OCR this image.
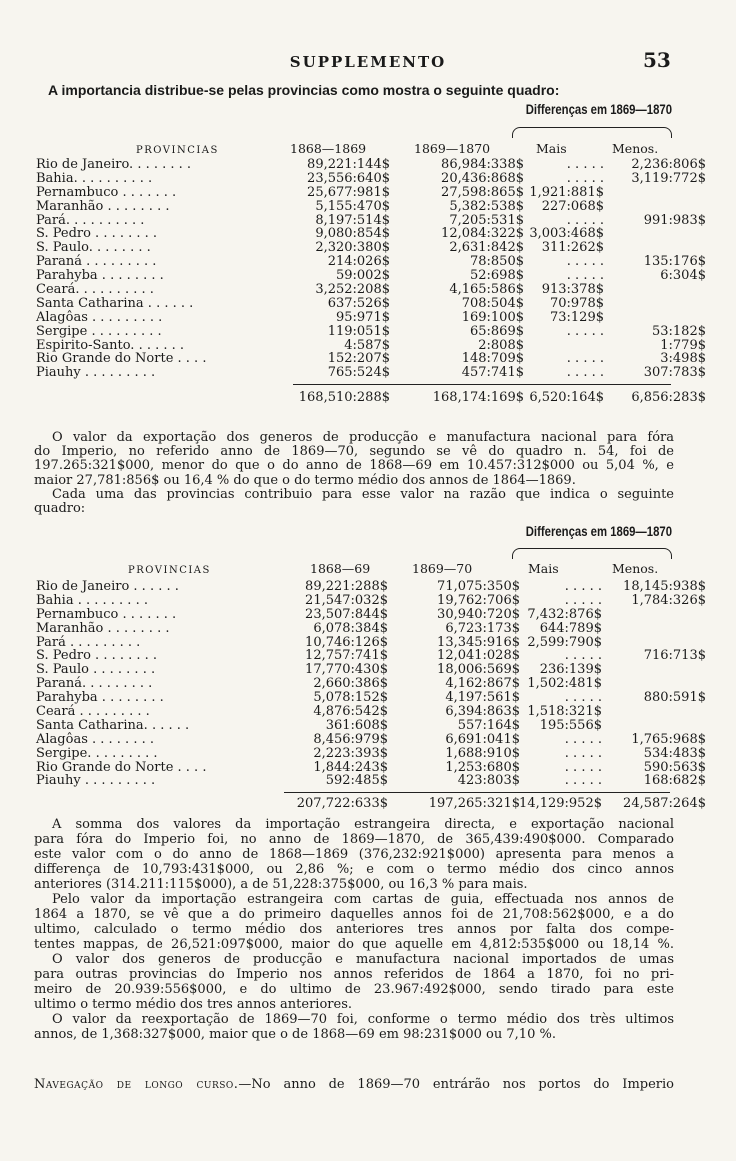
SUPPLEMENTO	53
A importancia distribue-se pelas provincias como mostra o seguinte quadro:
Differenças em 1869—1870
PROVINCIAS	1868—1869	1869—1870	Mais	Menos.
Rio de Janeiro. . . . . . . .	89,221:144$	86,984:338$	. . . . .	2,236:806$
Bahia. . . . . . . . . .	23,556:640$	20,436:868$	. . . . .	3,119:772$
Pernambuco . . . . . . .	25,677:981$	27,598:865$ 1,921:881$
Maranhão . . . . . . . .	5,155:470$	5,382:538$	227:068$
Pará. . . . . . . . . .	8,197:514$	7,205:531$	. . . . .	991:983$
S. Pedro . . . . . . . .	9,080:854$	12,084:322$ 3,003:468$
S. Paulo. . . . . . . .	2,320:380$	2,631:842$	311:262$
Paraná . . . . . . . . .	214:026$	78:850$	. . . . .	135:176$
Parahyba . . . . . . . .	59:002$	52:698$	. . . . .	6:304$
Ceará. . . . . . . . . .	3,252:208$	4,165:586$	913:378$
Santa Catharina . . . . . .	637:526$	708:504$	70:978$
Alagôas . . . . . . . . .	95:971$	169:100$	73:129$
Sergipe . . . . . . . . .	119:051$	65:869$	. . . . .	53:182$
Espirito-Santo. . . . . . .	4:587$	2:808$	1:779$
Rio Grande do Norte . . . .	152:207$	148:709$	. . . . .	3:498$
Piauhy . . . . . . . . .	765:524$	457:741$	. . . . .	307:783$
168,510:288$	168,174:169$ 6,520:164$	6,856:283$
O valor da exportação dos generos de producção e manufactura nacional para fóra
do Imperio, no referido anno de 1869—70, segundo se vê do quadro n. 54, foi de
197.265:321$000, menor do que o do anno de 1868—69 em 10.457:312$000 ou 5,04 %, e
maior 27,781:856$ ou 16,4 % do que o do termo médio dos annos de 1864—1869.
Cada uma das provincias contribuio para esse valor na razão que indica o seguinte
quadro:
Differenças em 1869—1870
PROVINCIAS	1868—69	1869—70	Mais	Menos.
Rio de Janeiro . . . . . .	89,221:288$	71,075:350$	. . . . .	18,145:938$
Bahia . . . . . . . . .	21,547:032$	19,762:706$	. . . . .	1,784:326$
Pernambuco . . . . . . .	23,507:844$	30,940:720$ 7,432:876$
Maranhão . . . . . . . .	6,078:384$	6,723:173$	644:789$
Pará . . . . . . . . .	10,746:126$	13,345:916$ 2,599:790$
S. Pedro . . . . . . . .	12,757:741$	12,041:028$	. . . . .	716:713$
S. Paulo . . . . . . . .	17,770:430$	18,006:569$	236:139$
Paraná. . . . . . . . .	2,660:386$	4,162:867$ 1,502:481$
Parahyba . . . . . . . .	5,078:152$	4,197:561$	. . . . .	880:591$
Ceará . . . . . . . . .	4,876:542$	6,394:863$ 1,518:321$
Santa Catharina. . . . . .	361:608$	557:164$	195:556$
Alagôas . . . . . . . .	8,456:979$	6,691:041$	. . . . .	1,765:968$
Sergipe. . . . . . . . .	2,223:393$	1,688:910$	. . . . .	534:483$
Rio Grande do Norte . . . .	1,844:243$	1,253:680$	. . . . .	590:563$
Piauhy . . . . . . . . .	592:485$	423:803$	. . . . .	168:682$
207,722:633$	197,265:321$ 14,129:952$	24,587:264$
A somma dos valores da importação estrangeira directa, e exportação nacional
para fóra do Imperio foi, no anno de 1869—1870, de 365,439:490$000. Comparado
este valor com o do anno de 1868—1869 (376,232:921$000) apresenta para menos a
differença de 10,793:431$000, ou 2,86 %; e com o termo médio dos cinco annos
anteriores (314.211:115$000), a de 51,228:375$000, ou 16,3 % para mais.
Pelo valor da importação estrangeira com cartas de guia, effectuada nos annos de
1864 a 1870, se vê que a do primeiro daquelles annos foi de 21,708:562$000, e a do
ultimo, calculado o termo médio dos anteriores tres annos por falta dos compe-
tentes mappas, de 26,521:097$000, maior do que aquelle em 4,812:535$000 ou 18,14 %.
O valor dos generos de producção e manufactura nacional importados de umas
para outras provincias do Imperio nos annos referidos de 1864 a 1870, foi no pri-
meiro de 20.939:556$000, e do ultimo de 23.967:492$000, sendo tirado para este
ultimo o termo médio dos tres annos anteriores.
O valor da reexportação de 1869—70 foi, conforme o termo médio dos très ultimos
annos, de 1,368:327$000, maior que o de 1868—69 em 98:231$000 ou 7,10 %.
Navegação de longo curso.—No anno de 1869—70 entrárão nos portos do Imperio
